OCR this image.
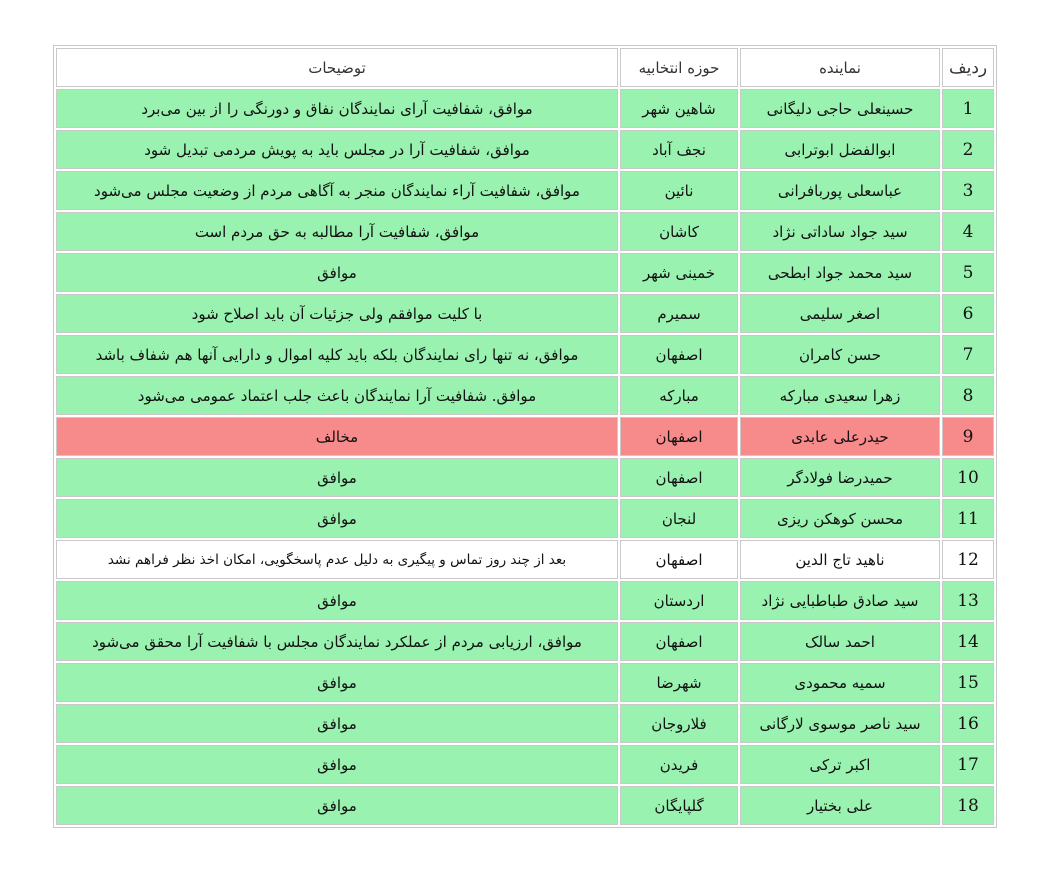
توضیحات	حوزه انتخابیه	نماینده	ردیف
موافق، شفافیت آرای نمایندگان نفاق و دورنگی را از بین می‌برد	شاهین شهر	حسینعلی حاجی دلیگانی	1
موافق، شفافیت آرا در مجلس باید به پویش مردمی تبدیل شود	نجف آباد	ابوالفضل ابوترابی	2
موافق، شفافیت آراء نمایندگان منجر به آگاهی مردم از وضعیت مجلس می‌شود	نائین	عباسعلی پوربافرانی	3
موافق، شفافیت آرا مطالبه به حق مردم است	کاشان	سید جواد ساداتی نژاد	4
موافق	خمینی شهر	سید محمد جواد ابطحی	5
با کلیت موافقم ولی جزئیات آن باید اصلاح شود	سمیرم	اصغر سلیمی	6
موافق، نه تنها رای نمایندگان بلکه باید کلیه اموال و دارایی آنها هم شفاف باشد	اصفهان	حسن کامران	7
موافق. شفافیت آرا نمایندگان باعث جلب اعتماد عمومی می‌شود	مبارکه	زهرا سعیدی مبارکه	8
مخالف	اصفهان	حیدرعلی عابدی	9
موافق	اصفهان	حمیدرضا فولادگر	10
موافق	لنجان	محسن کوهکن ریزی	11
بعد از چند روز تماس و پیگیری به دلیل عدم پاسخگویی، امکان اخذ نظر فراهم نشد	اصفهان	ناهید تاج الدین	12
موافق	اردستان	سید صادق طباطبایی نژاد	13
موافق، ارزیابی مردم از عملکرد نمایندگان مجلس با شفافیت آرا محقق می‌شود	اصفهان	احمد سالک	14
موافق	شهرضا	سمیه محمودی	15
موافق	فلاروجان	سید ناصر موسوی لارگانی	16
موافق	فریدن	اکبر ترکی	17
موافق	گلپایگان	علی بختیار	18
